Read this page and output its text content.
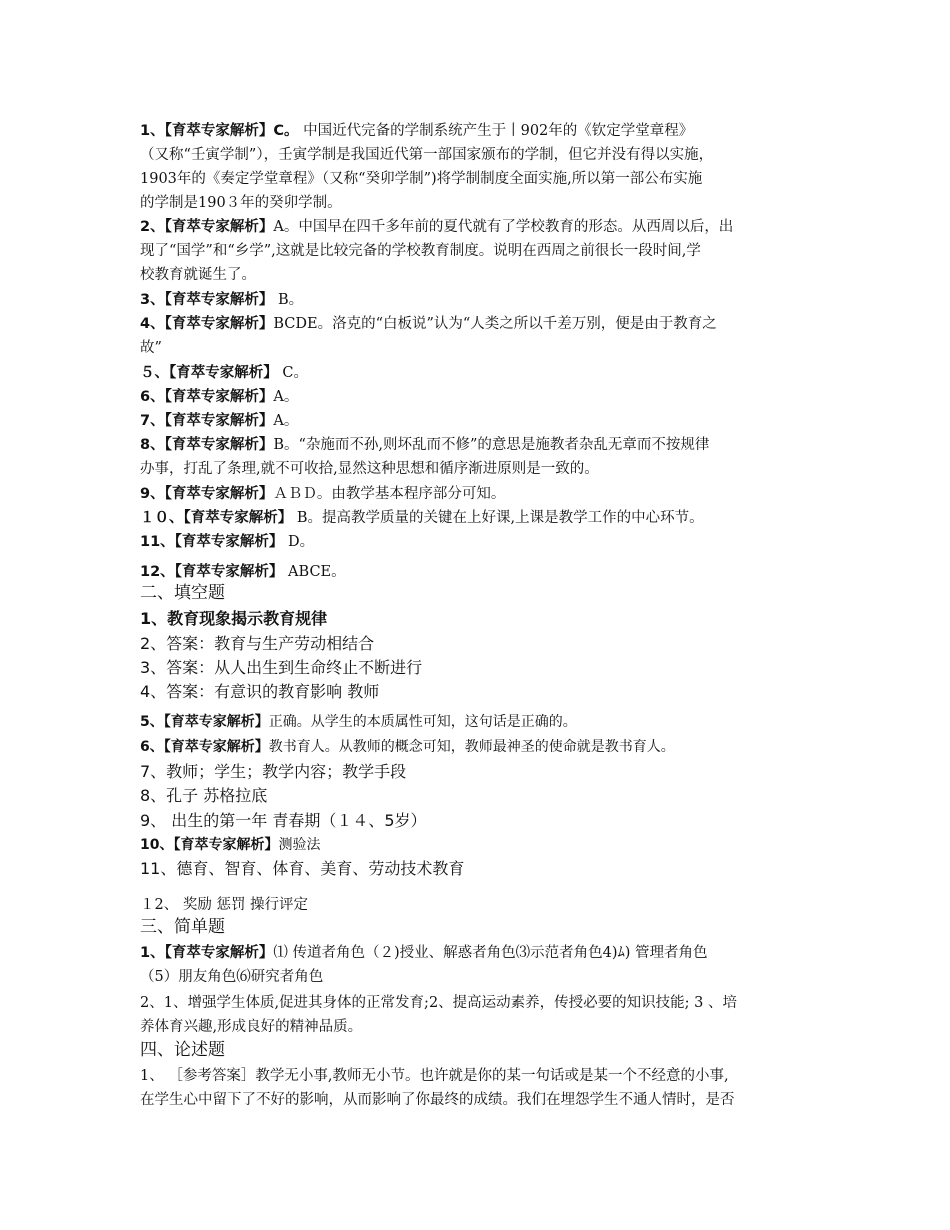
1、【育萃专家解析】C。 中国近代完备的学制系统产生于丨902年的《钦定学堂章程》
（又称“壬寅学制”），壬寅学制是我国近代第一部国家颁布的学制，但它并没有得以实施，
1903年的《奏定学堂章程》（又称“癸卯学制”)将学制制度全面实施,所以第一部公布实施
的学制是190３年的癸卯学制。
2、【育萃专家解析】A。中国早在四千多年前的夏代就有了学校教育的形态。从西周以后，出
现了“国学”和“乡学”,这就是比较完备的学校教育制度。说明在西周之前很长一段时间,学
校教育就诞生了。
3、【育萃专家解析】 B。
4、【育萃专家解析】BCDE。洛克的“白板说”认为“人类之所以千差万别，便是由于教育之
故”
５、【育萃专家解析】 C。
6、【育萃专家解析】A。
7、【育萃专家解析】A。
8、【育萃专家解析】B。“杂施而不孙,则坏乱而不修”的意思是施教者杂乱无章而不按规律
办事，打乱了条理,就不可收拾,显然这种思想和循序渐进原则是一致的。
9、【育萃专家解析】ＡＢＤ。由教学基本程序部分可知。
１０、【育萃专家解析】 B。提高教学质量的关键在上好课,上课是教学工作的中心环节。
11、【育萃专家解析】 D。
12、【育萃专家解析】 ABCE。
二、填空题
1、教育现象揭示教育规律
2、答案：教育与生产劳动相结合
3、答案：从人出生到生命终止不断进行
4、答案：有意识的教育影响 教师
5、【育萃专家解析】正确。从学生的本质属性可知，这句话是正确的。
6、【育萃专家解析】教书育人。从教师的概念可知，教师最神圣的使命就是教书育人。
7、教师；学生；教学内容；教学手段
8、孔子 苏格拉底
9、 出生的第一年 青春期（１４、5岁）
10、【育萃专家解析】测验法
11、德育、智育、体育、美育、劳动技术教育
１2、 奖励 惩罚 操行评定
三、简单题
1、【育萃专家解析】⑴ 传道者角色（２)授业、解惑者角色⑶示范者角色4)ﾑ) 管理者角色
（5）朋友角色⑹研究者角色
2、1、增强学生体质,促进其身体的正常发育;2、提高运动素养，传授必要的知识技能; 3 、培
养体育兴趣,形成良好的精神品质。
四、论述题
1、 ［参考答案］教学无小事,教师无小节。也许就是你的某一句话或是某一个不经意的小事,
在学生心中留下了不好的影响，从而影响了你最终的成绩。我们在埋怨学生不通人情时，是否
